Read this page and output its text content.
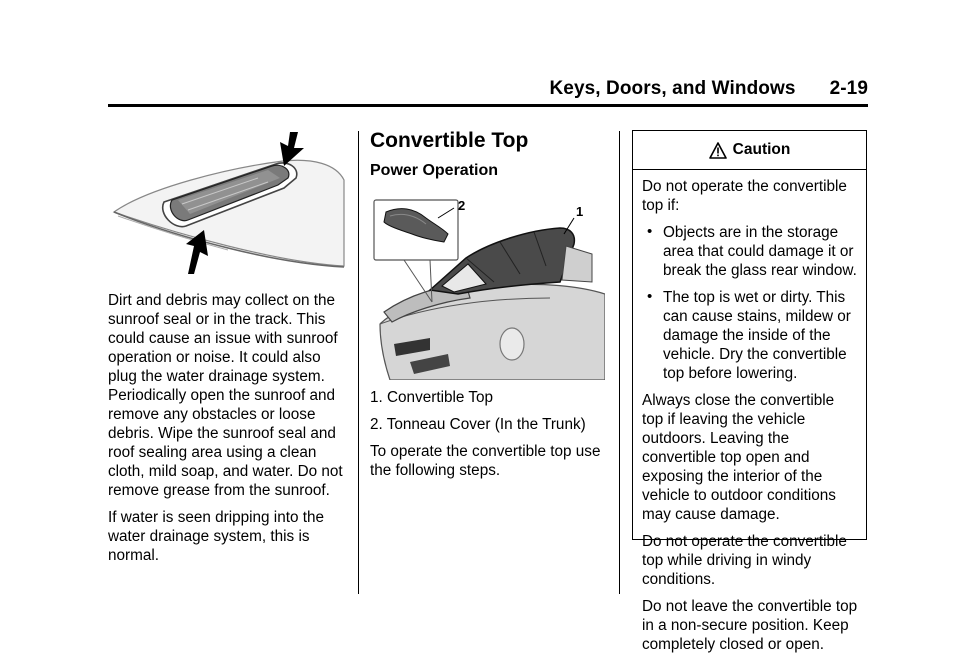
Keys, Doors, and Windows 2-19

Dirt and debris may collect on the sunroof seal or in the track. This could cause an issue with sunroof operation or noise. It could also plug the water drainage system. Periodically open the sunroof and remove any obstacles or loose debris. Wipe the sunroof seal and roof sealing area using a clean cloth, mild soap, and water. Do not remove grease from the sunroof.

If water is seen dripping into the water drainage system, this is normal.

Convertible Top
Power Operation
2	1
1. Convertible Top
2. Tonneau Cover (In the Trunk)

To operate the convertible top use the following steps.

Caution

Do not operate the convertible top if:

• Objects are in the storage area that could damage it or break the glass rear window.
• The top is wet or dirty. This can cause stains, mildew or damage the inside of the vehicle. Dry the convertible top before lowering.

Always close the convertible top if leaving the vehicle outdoors. Leaving the convertible top open and exposing the interior of the vehicle to outdoor conditions may cause damage.

Do not operate the convertible top while driving in windy conditions.

Do not leave the convertible top in a non-secure position. Keep completely closed or open.
